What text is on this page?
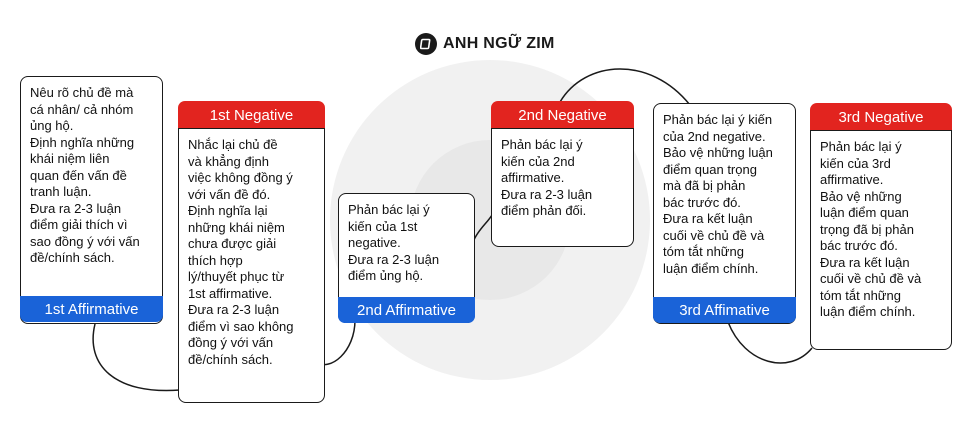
ANH NGỮ ZIM
Nêu rõ chủ đề mà
cá nhân/ cả nhóm
ủng hộ.
Định nghĩa những
khái niệm liên
quan đến vấn đề
tranh luận.
Đưa ra 2-3 luận
điểm giải thích vì
sao đồng ý với vấn
đề/chính sách.
1st Affirmative
1st Negative
Nhắc lại chủ đề
và khẳng định
việc không đồng ý
với vấn đề đó.
Định nghĩa lại
những khái niệm
chưa được giải
thích hợp
lý/thuyết phục từ
1st affirmative.
Đưa ra 2-3 luận
điểm vì sao không
đồng ý với vấn
đề/chính sách.
Phản bác lại ý
kiến của 1st
negative.
Đưa ra 2-3 luận
điểm ủng hộ.
2nd Affirmative
2nd Negative
Phản bác lại ý
kiến của 2nd
affirmative.
Đưa ra 2-3 luận
điểm phản đối.
Phản bác lại ý kiến
của 2nd negative.
Bảo vệ những luận
điểm quan trọng
mà đã bị phản
bác trước đó.
Đưa ra kết luận
cuối về chủ đề và
tóm tắt những
luận điểm chính.
3rd Affimative
3rd Negative
Phản bác lại ý
kiến của 3rd
affirmative.
Bảo vệ những
luận điểm quan
trọng đã bị phản
bác trước đó.
Đưa ra kết luận
cuối về chủ đề và
tóm tắt những
luận điểm chính.
